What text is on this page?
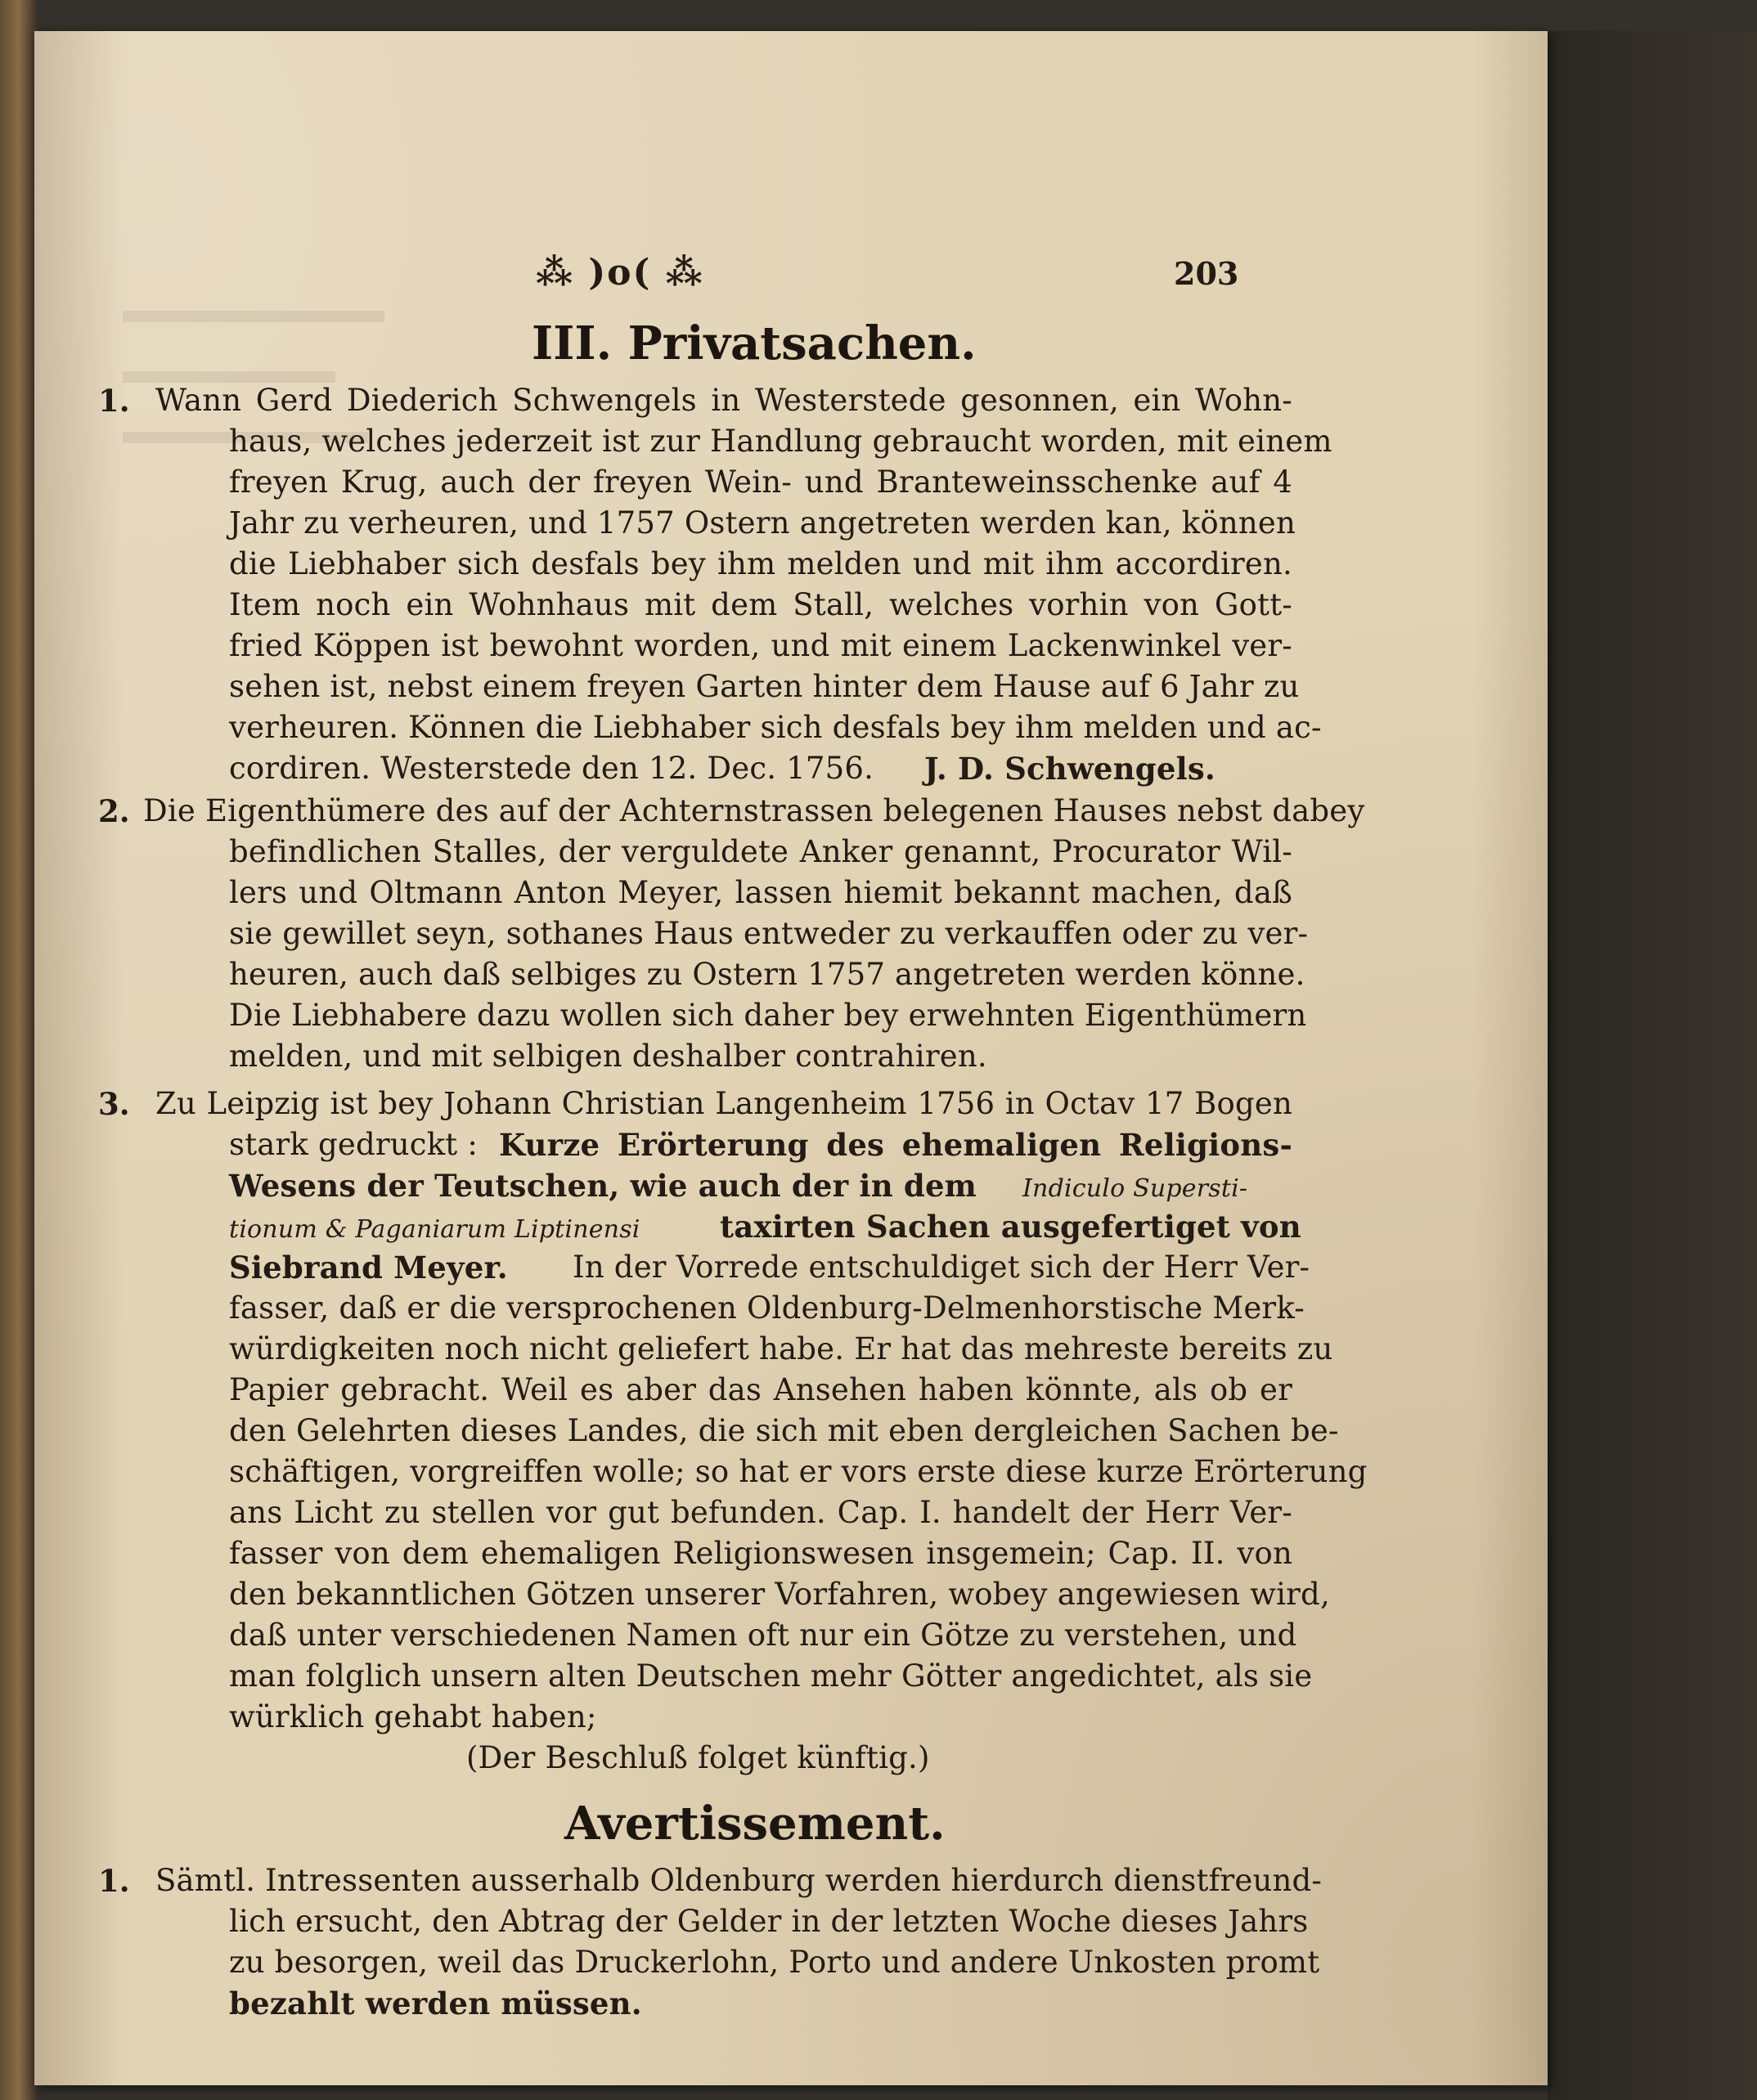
⁂ )o( ⁂	203
III. Privatsachen.
1. Wann Gerd Diederich Schwengels in Westerstede gesonnen, ein Wohn-
haus, welches jederzeit ist zur Handlung gebraucht worden, mit einem
freyen Krug, auch der freyen Wein- und Branteweinsschenke auf 4
Jahr zu verheuren, und 1757 Ostern angetreten werden kan, können
die Liebhaber sich desfals bey ihm melden und mit ihm accordiren.
Item noch ein Wohnhaus mit dem Stall, welches vorhin von Gott-
fried Köppen ist bewohnt worden, und mit einem Lackenwinkel ver-
sehen ist, nebst einem freyen Garten hinter dem Hause auf 6 Jahr zu
verheuren. Können die Liebhaber sich desfals bey ihm melden und ac-
cordiren. Westerstede den 12. Dec. 1756. J. D. Schwengels.
2. Die Eigenthümere des auf der Achternstrassen belegenen Hauses nebst dabey
befindlichen Stalles, der verguldete Anker genannt, Procurator Wil-
lers und Oltmann Anton Meyer, lassen hiemit bekannt machen, daß
sie gewillet seyn, sothanes Haus entweder zu verkauffen oder zu ver-
heuren, auch daß selbiges zu Ostern 1757 angetreten werden könne.
Die Liebhabere dazu wollen sich daher bey erwehnten Eigenthümern
melden, und mit selbigen deshalber contrahiren.
3. Zu Leipzig ist bey Johann Christian Langenheim 1756 in Octav 17 Bogen
stark gedruckt : Kurze Erörterung des ehemaligen Religions-
Wesens der Teutschen, wie auch der in dem Indiculo Supersti-
tionum & Paganiarum Liptinensi	taxirten Sachen ausgefertiget von
Siebrand Meyer. In der Vorrede entschuldiget sich der Herr Ver-
fasser, daß er die versprochenen Oldenburg-Delmenhorstische Merk-
würdigkeiten noch nicht geliefert habe. Er hat das mehreste bereits zu
Papier gebracht. Weil es aber das Ansehen haben könnte, als ob er
den Gelehrten dieses Landes, die sich mit eben dergleichen Sachen be-
schäftigen, vorgreiffen wolle; so hat er vors erste diese kurze Erörterung
ans Licht zu stellen vor gut befunden. Cap. I. handelt der Herr Ver-
fasser von dem ehemaligen Religionswesen insgemein; Cap. II. von
den bekanntlichen Götzen unserer Vorfahren, wobey angewiesen wird,
daß unter verschiedenen Namen oft nur ein Götze zu verstehen, und
man folglich unsern alten Deutschen mehr Götter angedichtet, als sie
würklich gehabt haben;
(Der Beschluß folget künftig.)
Avertissement.
1. Sämtl. Intressenten ausserhalb Oldenburg werden hierdurch dienstfreund-
lich ersucht, den Abtrag der Gelder in der letzten Woche dieses Jahrs
zu besorgen, weil das Druckerlohn, Porto und andere Unkosten promt
bezahlt werden müssen.
